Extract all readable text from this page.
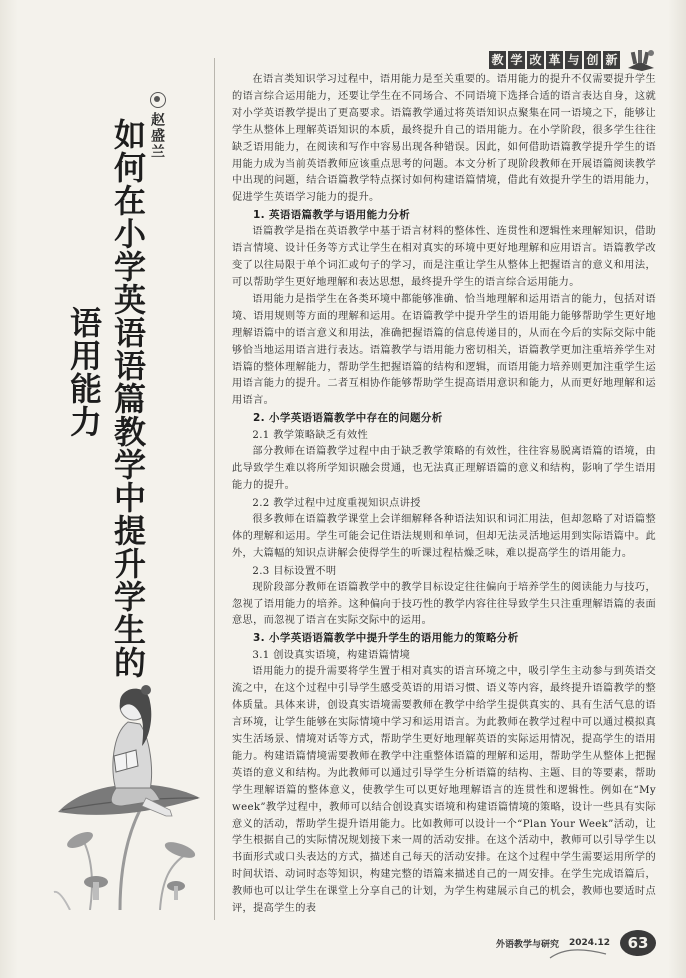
教 学 改 革 与 创 新
赵盛兰
如何在小学英语语篇教学中提升学生的
语用能力

在语言类知识学习过程中，语用能力是至关重要的。语用能力的提升不仅需要提升学生的语言综合运用能力，还要让学生在不同场合、不同语境下选择合适的语言表达自身，这就对小学英语教学提出了更高要求。语篇教学通过将英语知识点聚集在同一语境之下，能够让学生从整体上理解英语知识的本质，最终提升自己的语用能力。在小学阶段，很多学生往往缺乏语用能力，在阅读和写作中容易出现各种错误。因此，如何借助语篇教学提升学生的语用能力成为当前英语教师应该重点思考的问题。本文分析了现阶段教师在开展语篇阅读教学中出现的问题，结合语篇教学特点探讨如何构建语篇情境，借此有效提升学生的语用能力，促进学生英语学习能力的提升。

1. 英语语篇教学与语用能力分析

语篇教学是指在英语教学中基于语言材料的整体性、连贯性和逻辑性来理解知识，借助语言情境、设计任务等方式让学生在相对真实的环境中更好地理解和应用语言。语篇教学改变了以往局限于单个词汇或句子的学习，而是注重让学生从整体上把握语言的意义和用法，可以帮助学生更好地理解和表达思想，最终提升学生的语言综合运用能力。

语用能力是指学生在各类环境中都能够准确、恰当地理解和运用语言的能力，包括对语境、语用规则等方面的理解和运用。在语篇教学中提升学生的语用能力能够帮助学生更好地理解语篇中的语言意义和用法，准确把握语篇的信息传递目的，从而在今后的实际交际中能够恰当地运用语言进行表达。语篇教学与语用能力密切相关，语篇教学更加注重培养学生对语篇的整体理解能力，帮助学生把握语篇的结构和逻辑，而语用能力培养则更加注重学生运用语言能力的提升。二者互相协作能够帮助学生提高语用意识和能力，从而更好地理解和运用语言。

2. 小学英语语篇教学中存在的问题分析
2.1 教学策略缺乏有效性

部分教师在语篇教学过程中由于缺乏教学策略的有效性，往往容易脱离语篇的语境，由此导致学生难以将所学知识融会贯通，也无法真正理解语篇的意义和结构，影响了学生语用能力的提升。

2.2 教学过程中过度重视知识点讲授

很多教师在语篇教学课堂上会详细解释各种语法知识和词汇用法，但却忽略了对语篇整体的理解和运用。学生可能会记住语法规则和单词，但却无法灵活地运用到实际语篇中。此外，大篇幅的知识点讲解会使得学生的听课过程枯燥乏味，难以提高学生的语用能力。

2.3 目标设置不明

现阶段部分教师在语篇教学中的教学目标设定往往偏向于培养学生的阅读能力与技巧，忽视了语用能力的培养。这种偏向于技巧性的教学内容往往导致学生只注重理解语篇的表面意思，而忽视了语言在实际交际中的运用。

3. 小学英语语篇教学中提升学生的语用能力的策略分析
3.1 创设真实语境，构建语篇情境

语用能力的提升需要将学生置于相对真实的语言环境之中，吸引学生主动参与到英语交流之中，在这个过程中引导学生感受英语的用语习惯、语义等内容，最终提升语篇教学的整体质量。具体来讲，创设真实语境需要教师在教学中给学生提供真实的、具有生活气息的语言环境，让学生能够在实际情境中学习和运用语言。为此教师在教学过程中可以通过模拟真实生活场景、情境对话等方式，帮助学生更好地理解英语的实际运用情况，提高学生的语用能力。构建语篇情境需要教师在教学中注重整体语篇的理解和运用，帮助学生从整体上把握英语的意义和结构。为此教师可以通过引导学生分析语篇的结构、主题、目的等要素，帮助学生理解语篇的整体意义，使教学生可以更好地理解语言的连贯性和逻辑性。例如在“My week”教学过程中，教师可以结合创设真实语境和构建语篇情境的策略，设计一些具有实际意义的活动，帮助学生提升语用能力。比如教师可以设计一个“Plan Your Week”活动，让学生根据自己的实际情况规划接下来一周的活动安排。在这个活动中，教师可以引导学生以书面形式或口头表达的方式，描述自己每天的活动安排。在这个过程中学生需要运用所学的时间状语、动词时态等知识，构建完整的语篇来描述自己的一周安排。在学生完成语篇后，教师也可以让学生在课堂上分享自己的计划，为学生构建展示自己的机会，教师也要适时点评，提高学生的表

外语教学与研究 2024.12	63
